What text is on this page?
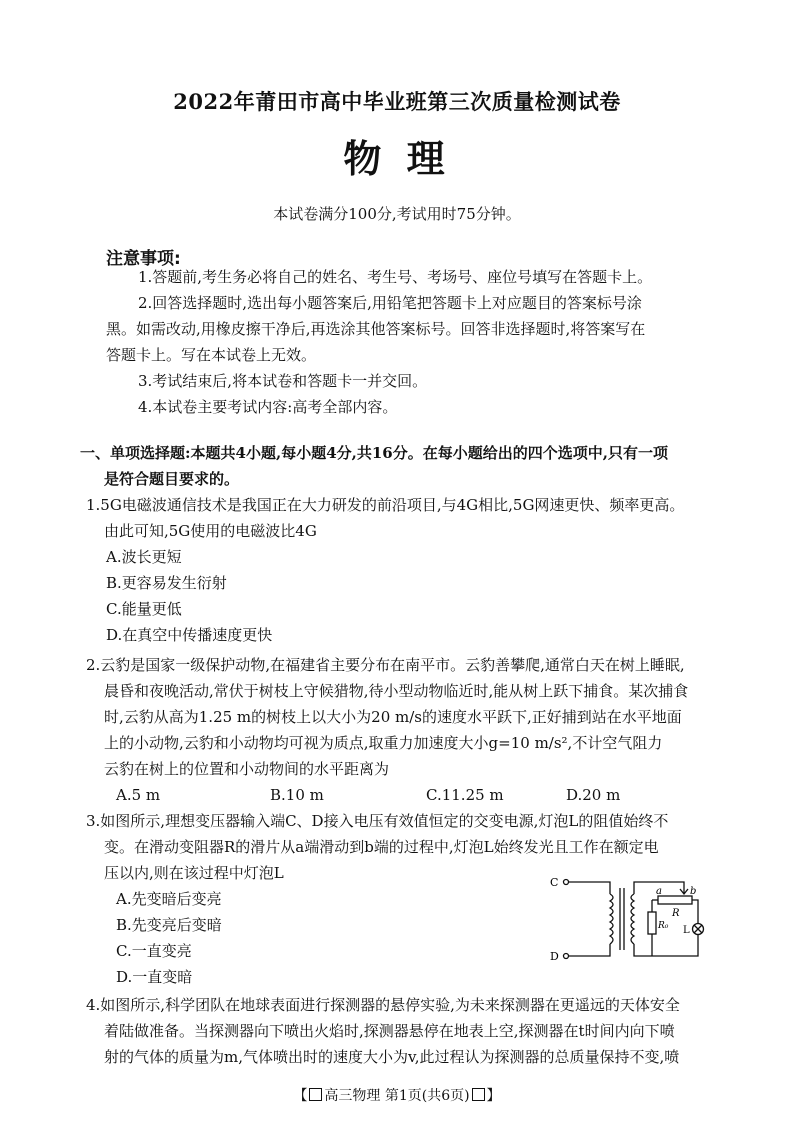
2022年莆田市高中毕业班第三次质量检测试卷
物 理
本试卷满分100分,考试用时75分钟。
注意事项:
1.答题前,考生务必将自己的姓名、考生号、考场号、座位号填写在答题卡上。
2.回答选择题时,选出每小题答案后,用铅笔把答题卡上对应题目的答案标号涂
黑。如需改动,用橡皮擦干净后,再选涂其他答案标号。回答非选择题时,将答案写在
答题卡上。写在本试卷上无效。
3.考试结束后,将本试卷和答题卡一并交回。
4.本试卷主要考试内容:高考全部内容。
一、单项选择题:本题共4小题,每小题4分,共16分。在每小题给出的四个选项中,只有一项
是符合题目要求的。
1.5G电磁波通信技术是我国正在大力研发的前沿项目,与4G相比,5G网速更快、频率更高。
由此可知,5G使用的电磁波比4G
A.波长更短
B.更容易发生衍射
C.能量更低
D.在真空中传播速度更快
2.云豹是国家一级保护动物,在福建省主要分布在南平市。云豹善攀爬,通常白天在树上睡眠,
晨昏和夜晚活动,常伏于树枝上守候猎物,待小型动物临近时,能从树上跃下捕食。某次捕食
时,云豹从高为1.25 m的树枝上以大小为20 m/s的速度水平跃下,正好捕到站在水平地面
上的小动物,云豹和小动物均可视为质点,取重力加速度大小g=10 m/s²,不计空气阻力
云豹在树上的位置和小动物间的水平距离为
A.5 m	B.10 m	C.11.25 m	D.20 m
3.如图所示,理想变压器输入端C、D接入电压有效值恒定的交变电源,灯泡L的阻值始终不
变。在滑动变阻器R的滑片从a端滑动到b端的过程中,灯泡L始终发光且工作在额定电
压以内,则在该过程中灯泡L
A.先变暗后变亮
B.先变亮后变暗
C.一直变亮
D.一直变暗
C
D
a	b
R
R₀ L
4.如图所示,科学团队在地球表面进行探测器的悬停实验,为未来探测器在更遥远的天体安全
着陆做准备。当探测器向下喷出火焰时,探测器悬停在地表上空,探测器在t时间内向下喷
射的气体的质量为m,气体喷出时的速度大小为v,此过程认为探测器的总质量保持不变,喷
【 高三物理 第1页(共6页) 】
